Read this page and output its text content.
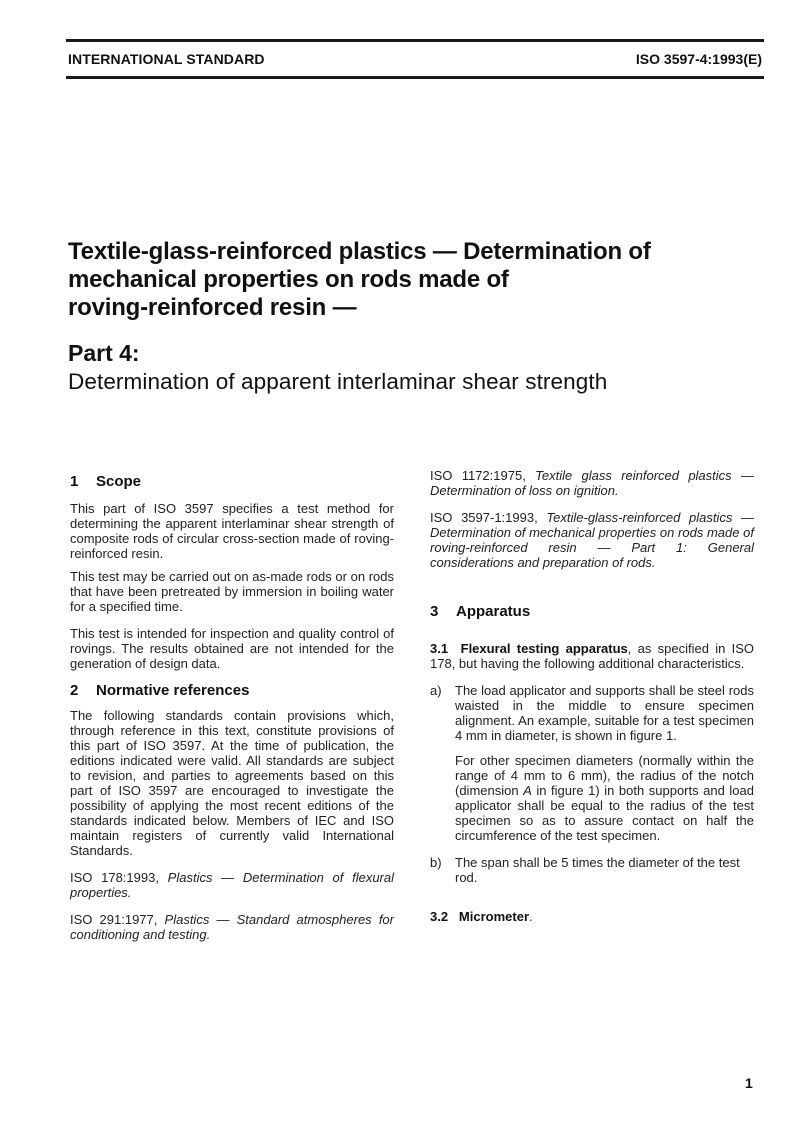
INTERNATIONAL STANDARD	ISO 3597-4:1993(E)
Textile-glass-reinforced plastics — Determination of
mechanical properties on rods made of
roving-reinforced resin —
Part 4:
Determination of apparent interlaminar shear strength
1 Scope

This part of ISO 3597 specifies a test method for determining the apparent interlaminar shear strength of composite rods of circular cross-section made of roving-reinforced resin.

This test may be carried out on as-made rods or on rods that have been pretreated by immersion in boiling water for a specified time.

This test is intended for inspection and quality control of rovings. The results obtained are not intended for the generation of design data.

2 Normative references

The following standards contain provisions which, through reference in this text, constitute provisions of this part of ISO 3597. At the time of publication, the editions indicated were valid. All standards are subject to revision, and parties to agreements based on this part of ISO 3597 are encouraged to investigate the possibility of applying the most recent editions of the standards indicated below. Members of IEC and ISO maintain registers of currently valid International Standards.

ISO 178:1993, Plastics — Determination of flexural properties.

ISO 291:1977, Plastics — Standard atmospheres for conditioning and testing.

ISO 1172:1975, Textile glass reinforced plastics — Determination of loss on ignition.

ISO 3597-1:1993, Textile-glass-reinforced plastics — Determination of mechanical properties on rods made of roving-reinforced resin — Part 1: General considerations and preparation of rods.

3 Apparatus

3.1 Flexural testing apparatus, as specified in ISO 178, but having the following additional characteristics.

a) The load applicator and supports shall be steel rods waisted in the middle to ensure specimen alignment. An example, suitable for a test specimen 4 mm in diameter, is shown in figure 1.

For other specimen diameters (normally within the range of 4 mm to 6 mm), the radius of the notch (dimension A in figure 1) in both supports and load applicator shall be equal to the radius of the test specimen so as to assure contact on half the circumference of the test specimen.

b) The span shall be 5 times the diameter of the test rod.

3.2 Micrometer.

1
